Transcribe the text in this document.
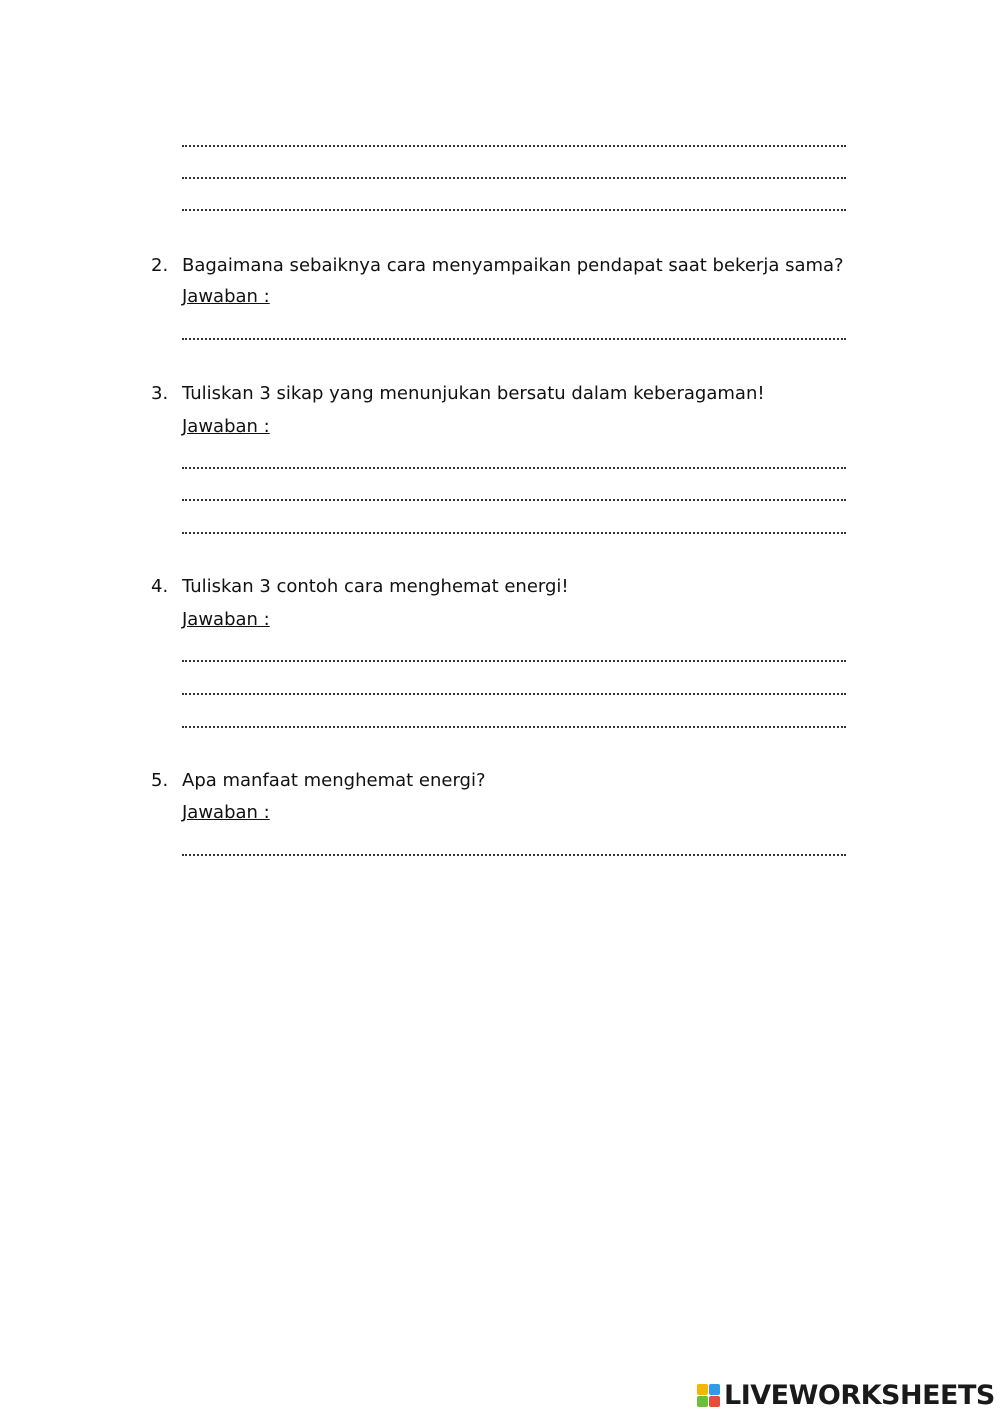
2. Bagaimana sebaiknya cara menyampaikan pendapat saat bekerja sama?
Jawaban :
3. Tuliskan 3 sikap yang menunjukan bersatu dalam keberagaman!
Jawaban :
4. Tuliskan 3 contoh cara menghemat energi!
Jawaban :
5. Apa manfaat menghemat energi?
Jawaban :
LIVEWORKSHEETS
